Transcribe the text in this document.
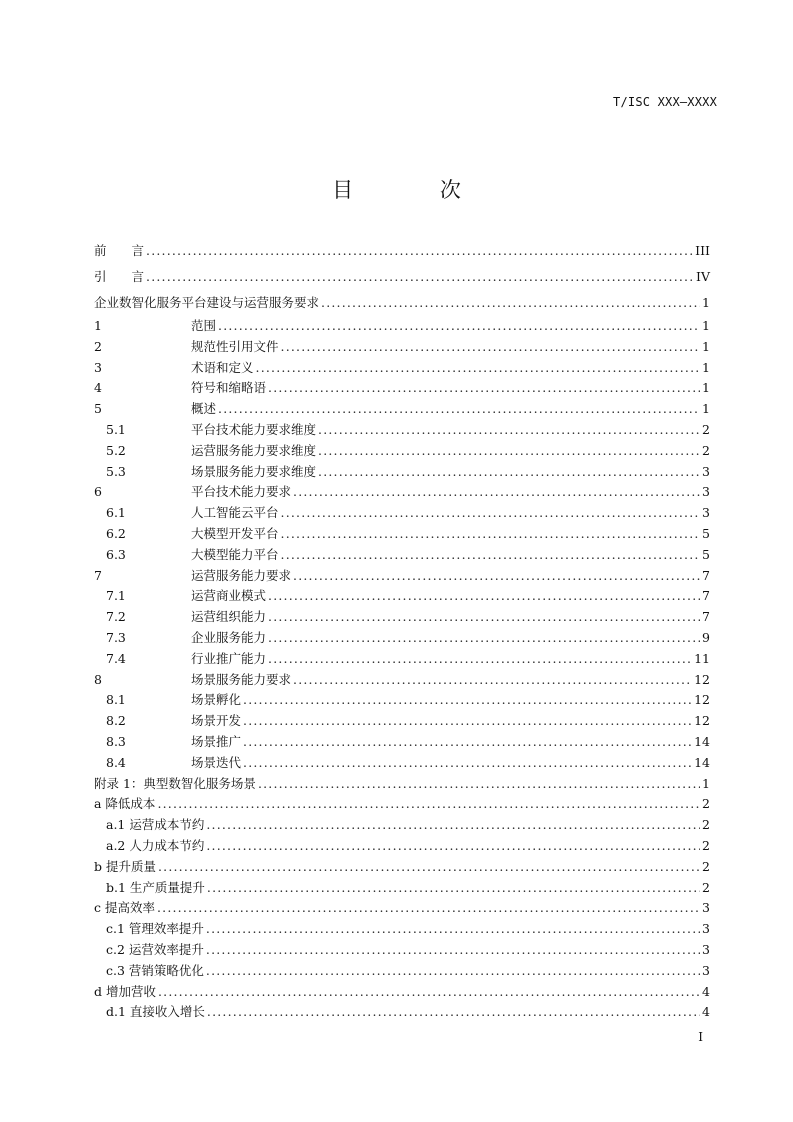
T/ISC XXX—XXXX
目 次
前　　言 .....	III
引　　言 .....	IV
企业数智化服务平台建设与运营服务要求 .....	1
1	范围 .....	1
2	规范性引用文件 .....	1
3	术语和定义 .....	1
4	符号和缩略语 .....	1
5	概述 .....	1
5.1	平台技术能力要求维度 .....	2
5.2	运营服务能力要求维度 .....	2
5.3	场景服务能力要求维度 .....	3
6	平台技术能力要求 .....	3
6.1	人工智能云平台 .....	3
6.2	大模型开发平台 .....	5
6.3	大模型能力平台 .....	5
7	运营服务能力要求 .....	7
7.1	运营商业模式 .....	7
7.2	运营组织能力 .....	7
7.3	企业服务能力 .....	9
7.4	行业推广能力 .....	11
8	场景服务能力要求 .....	12
8.1	场景孵化 .....	12
8.2	场景开发 .....	12
8.3	场景推广 .....	14
8.4	场景迭代 .....	14
附录 1：典型数智化服务场景 .....	1
a 降低成本 .....	2
a.1 运营成本节约 .....	2
a.2 人力成本节约 .....	2
b 提升质量 .....	2
b.1 生产质量提升 .....	2
c 提高效率 .....	3
c.1 管理效率提升 .....	3
c.2 运营效率提升 .....	3
c.3 营销策略优化 .....	3
d 增加营收 .....	4
d.1 直接收入增长 .....	4
I
